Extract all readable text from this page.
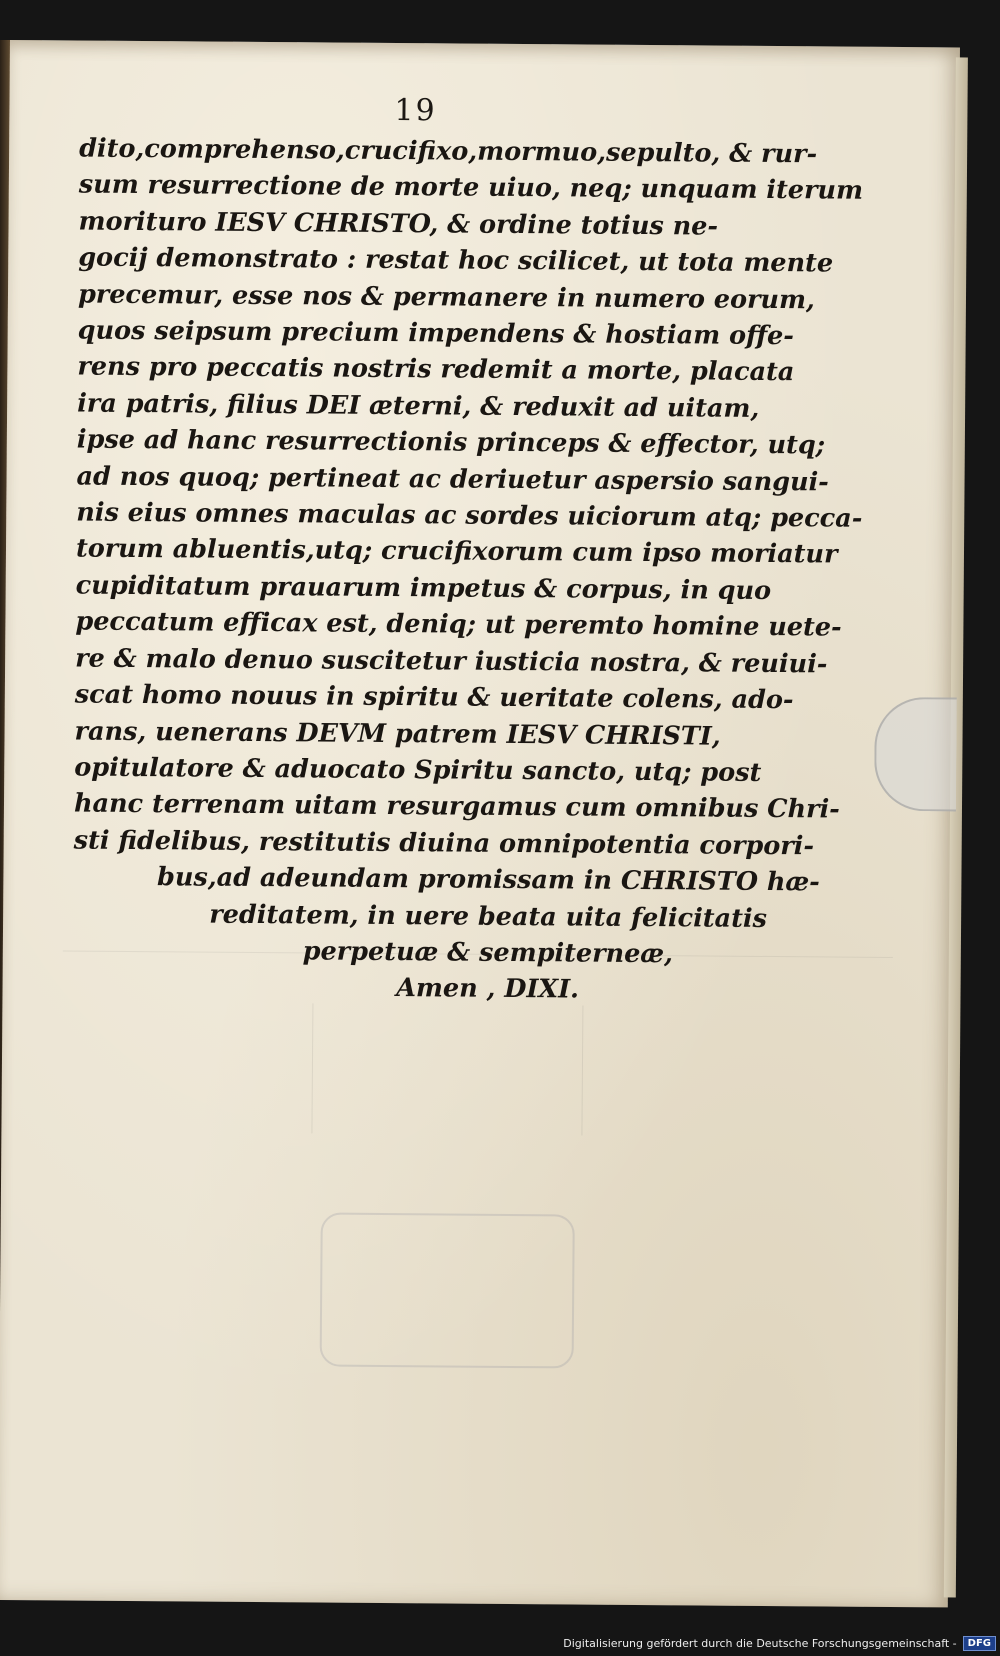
19
dito,comprehenso,crucifixo,mormuo,sepulto, & rur-
sum resurrectione de morte uiuo, neq; unquam iterum
morituro IESV CHRISTO, & ordine totius ne-
gocij demonstrato : restat hoc scilicet, ut tota mente
precemur, esse nos & permanere in numero eorum,
quos seipsum precium impendens & hostiam offe-
rens pro peccatis nostris redemit a morte, placata
ira patris, filius DEI æterni, & reduxit ad uitam,
ipse ad hanc resurrectionis princeps & effector, utq;
ad nos quoq; pertineat ac deriuetur aspersio sangui-
nis eius omnes maculas ac sordes uiciorum atq; pecca-
torum abluentis,utq; crucifixorum cum ipso moriatur
cupiditatum prauarum impetus & corpus, in quo
peccatum efficax est, deniq; ut peremto homine uete-
re & malo denuo suscitetur iusticia nostra, & reuiui-
scat homo nouus in spiritu & ueritate colens, ado-
rans, uenerans DEVM patrem IESV CHRISTI,
opitulatore & aduocato Spiritu sancto, utq; post
hanc terrenam uitam resurgamus cum omnibus Chri-
sti fidelibus, restitutis diuina omnipotentia corpori-
bus,ad adeundam promissam in CHRISTO hæ-
reditatem, in uere beata uita felicitatis
perpetuæ & sempiterneæ,
Amen , DIXI.
Digitalisierung gefördert durch die Deutsche Forschungsgemeinschaft -	DFG
